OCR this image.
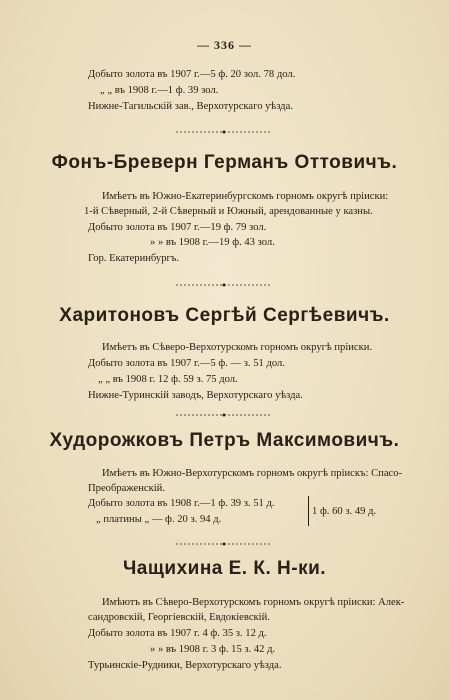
— 336 —
Добыто золота въ 1907 г.—5 ф. 20 зол. 78 дол.
„ „ въ 1908 г.—1 ф. 39 зол.
Нижне-Тагильскій зав., Верхотурскаго уѣзда.
Фонъ-Бреверн Германъ Оттовичъ.
Имѣетъ въ Южно-Екатеринбургскомъ горномъ округѣ пріиски:
1-й Сѣверный, 2-й Сѣверный и Южный, арендованные у казны.
Добыто золота въ 1907 г.—19 ф. 79 зол.
» » въ 1908 г.—19 ф. 43 зол.
Гор. Екатеринбургъ.
Харитоновъ Сергѣй Сергѣевичъ.
Имѣетъ въ Сѣверо-Верхотурскомъ горномъ округѣ пріиски.
Добыто золота въ 1907 г.—5 ф. — з. 51 дол.
„ „ въ 1908 г. 12 ф. 59 з. 75 дол.
Нижне-Туринскій заводъ, Верхотурскаго уѣзда.
Худорожковъ Петръ Максимовичъ.
Имѣетъ въ Южно-Верхотурскомъ горномъ округѣ пріискъ: Спасо-
Преображенскій.
Добыто золота въ 1908 г.—1 ф. 39 з. 51 д.
„ платины „ — ф. 20 з. 94 д.
1 ф. 60 з. 49 д.
Чащихина Е. К. Н-ки.
Имѣютъ въ Сѣверо-Верхотурскомъ горномъ округѣ пріиски: Алек-
сандровскій, Георгіевскій, Евдокіевскій.
Добыто золота въ 1907 г. 4 ф. 35 з. 12 д.
» » въ 1908 г. 3 ф. 15 з. 42 д.
Турьинскіе-Рудники, Верхотурскаго уѣзда.
